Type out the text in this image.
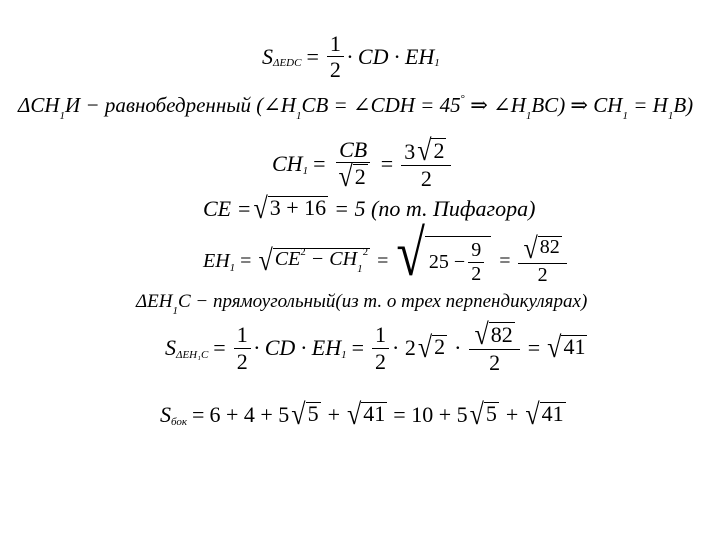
S $\Delta EDC = \frac{1}{2}$ · CD · EH 1
$\Delta CH_1И$ − равнобедренный ($\angle H_1CB$ = ∠CDH = 45° ⇒ $\angle H_1BC$) ⇒ $CH_1 = H_1B$)
CH $1 = \frac{CB}{√ 2} = \frac{3 √ 2}{2}$
CE = √ 3 + 16 = 5 (по т. Пифагора)
EH 1 = √ $CE^2 - CH_1^2$ = √ $25 - \frac{9}{2} = \frac{√ 82}{2}$
$\Delta EH_1C$ − прямоугольный(из т. о трех перпендикулярах)
S $\Delta EH_1C = \frac{1}{2}$ · CD · EH $1 = \frac{1}{2} \cdot 2$ √ $2 \cdot \frac{√ 82}{2}$ = √ 41
S бок = 6 + 4 + 5 √ 5 + √ 41 = 10 + 5 √ 5 + √ 41
